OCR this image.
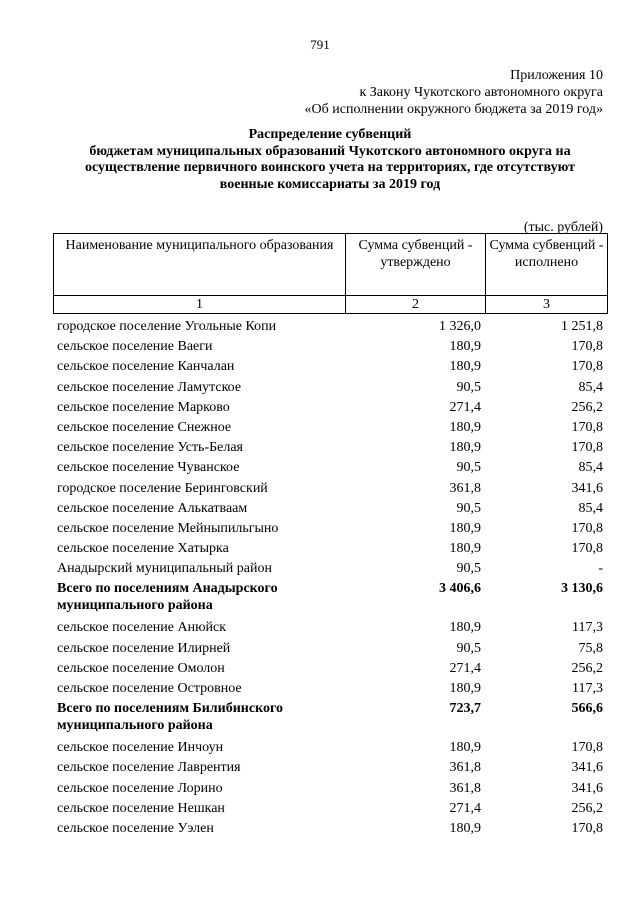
791
Приложения 10
к Закону Чукотского автономного округа
«Об исполнении окружного бюджета за 2019 год»
Распределение субвенций
бюджетам муниципальных образований Чукотского автономного округа на
осуществление первичного воинского учета на территориях, где отсутствуют
военные комиссариаты за 2019 год
(тыс. рублей)
Наименование муниципального образования	Сумма субвенций - утверждено	Сумма субвенций - исполнено
1	2	3
городское поселение Угольные Копи	1 326,0	1 251,8
сельское поселение Ваеги	180,9	170,8
сельское поселение Канчалан	180,9	170,8
сельское поселение Ламутское	90,5	85,4
сельское поселение Марково	271,4	256,2
сельское поселение Снежное	180,9	170,8
сельское поселение Усть-Белая	180,9	170,8
сельское поселение Чуванское	90,5	85,4
городское поселение Беринговский	361,8	341,6
сельское поселение Алькатваам	90,5	85,4
сельское поселение Мейныпильгыно	180,9	170,8
сельское поселение Хатырка	180,9	170,8
Анадырский муниципальный район	90,5	-
Всего по поселениям Анадырского муниципального района	3 406,6	3 130,6
сельское поселение Анюйск	180,9	117,3
сельское поселение Илирней	90,5	75,8
сельское поселение Омолон	271,4	256,2
сельское поселение Островное	180,9	117,3
Всего по поселениям Билибинского муниципального района	723,7	566,6
сельское поселение Инчоун	180,9	170,8
сельское поселение Лаврентия	361,8	341,6
сельское поселение Лорино	361,8	341,6
сельское поселение Нешкан	271,4	256,2
сельское поселение Уэлен	180,9	170,8
